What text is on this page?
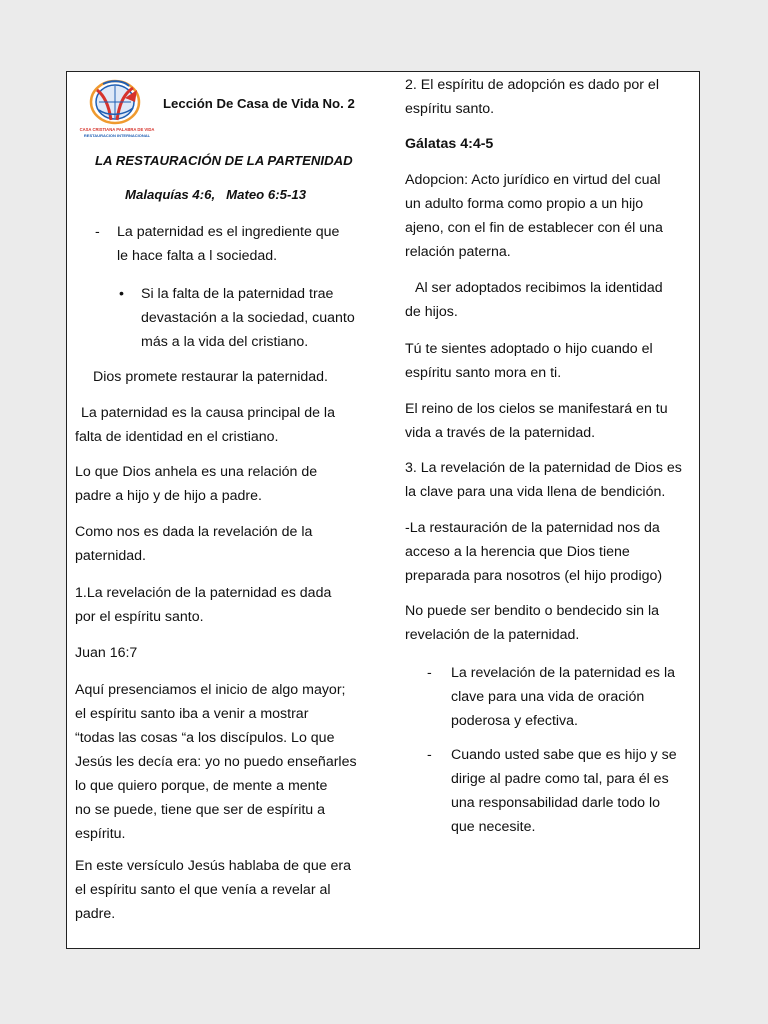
CASA CRISTIANA PALABRA DE VIDA
RESTAURACION INTERNACIONAL
Lección De Casa de Vida No. 2
LA RESTAURACIÓN DE LA PARTENIDAD
Malaquías 4:6,   Mateo 6:5-13
- La paternidad es el ingrediente que
le hace falta a l sociedad.
• Si la falta de la paternidad trae
devastación a la sociedad, cuanto
más a la vida del cristiano.
Dios promete restaurar la paternidad.
La paternidad es la causa principal de la
falta de identidad en el cristiano.
Lo que Dios anhela es una relación de
padre a hijo y de hijo a padre.
Como nos es dada la revelación de la
paternidad.
1.La revelación de la paternidad es dada
por el espíritu santo.
Juan 16:7
Aquí presenciamos el inicio de algo mayor;
el espíritu santo iba a venir a mostrar
“todas las cosas “a los discípulos. Lo que
Jesús les decía era: yo no puedo enseñarles
lo que quiero porque, de mente a mente
no se puede, tiene que ser de espíritu a
espíritu.
En este versículo Jesús hablaba de que era
el espíritu santo el que venía a revelar al
padre.
2. El espíritu de adopción es dado por el
espíritu santo.
Gálatas 4:4-5
Adopcion: Acto jurídico en virtud del cual
un adulto forma como propio a un hijo
ajeno, con el fin de establecer con él una
relación paterna.
Al ser adoptados recibimos la identidad
de hijos.
Tú te sientes adoptado o hijo cuando el
espíritu santo mora en ti.
El reino de los cielos se manifestará en tu
vida a través de la paternidad.
3. La revelación de la paternidad de Dios es
la clave para una vida llena de bendición.
-La restauración de la paternidad nos da
acceso a la herencia que Dios tiene
preparada para nosotros (el hijo prodigo)
No puede ser bendito o bendecido sin la
revelación de la paternidad.
- La revelación de la paternidad es la
clave para una vida de oración
poderosa y efectiva.
- Cuando usted sabe que es hijo y se
dirige al padre como tal, para él es
una responsabilidad darle todo lo
que necesite.
